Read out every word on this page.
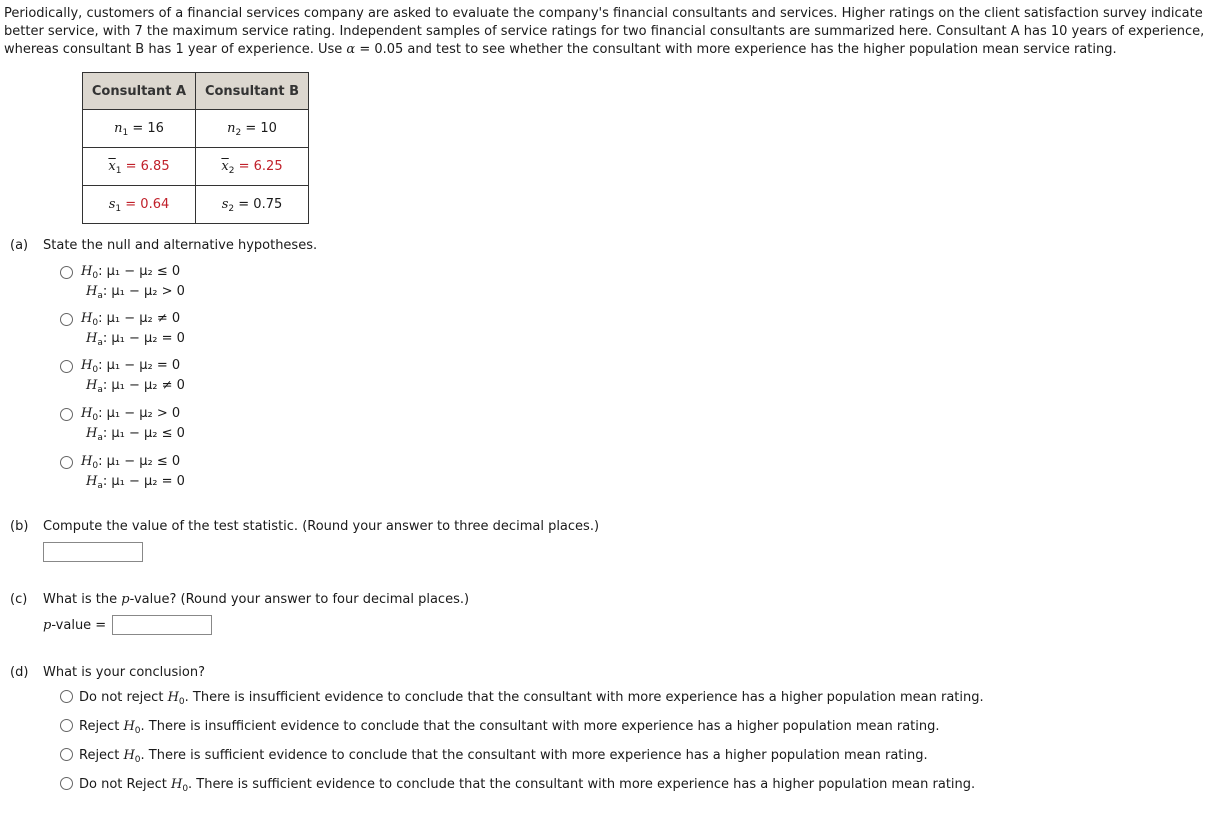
Periodically, customers of a financial services company are asked to evaluate the company's financial consultants and services. Higher ratings on the client satisfaction survey indicate
better service, with 7 the maximum service rating. Independent samples of service ratings for two financial consultants are summarized here. Consultant A has 10 years of experience,
whereas consultant B has 1 year of experience. Use α = 0.05 and test to see whether the consultant with more experience has the higher population mean service rating.
Consultant A	Consultant B
$n_1 = 16$	$n_2 = 10$
$\overline{x}_1 = 6.85$	$\overline{x}_2 = 6.25$
$s_1 = 0.64$	$s_2 = 0.75$
(a) State the null and alternative hypotheses.
$H_0$: μ₁ − μ₂ ≤ 0
$H_a$: μ₁ − μ₂ > 0
$H_0$: μ₁ − μ₂ ≠ 0
$H_a$: μ₁ − μ₂ = 0
$H_0$: μ₁ − μ₂ = 0
$H_a$: μ₁ − μ₂ ≠ 0
$H_0$: μ₁ − μ₂ > 0
$H_a$: μ₁ − μ₂ ≤ 0
$H_0$: μ₁ − μ₂ ≤ 0
$H_a$: μ₁ − μ₂ = 0
(b) Compute the value of the test statistic. (Round your answer to three decimal places.)
(c) What is the p-value? (Round your answer to four decimal places.)
p-value =
(d) What is your conclusion?
Do not reject $H_0$. There is insufficient evidence to conclude that the consultant with more experience has a higher population mean rating.
Reject $H_0$. There is insufficient evidence to conclude that the consultant with more experience has a higher population mean rating.
Reject $H_0$. There is sufficient evidence to conclude that the consultant with more experience has a higher population mean rating.
Do not Reject $H_0$. There is sufficient evidence to conclude that the consultant with more experience has a higher population mean rating.
